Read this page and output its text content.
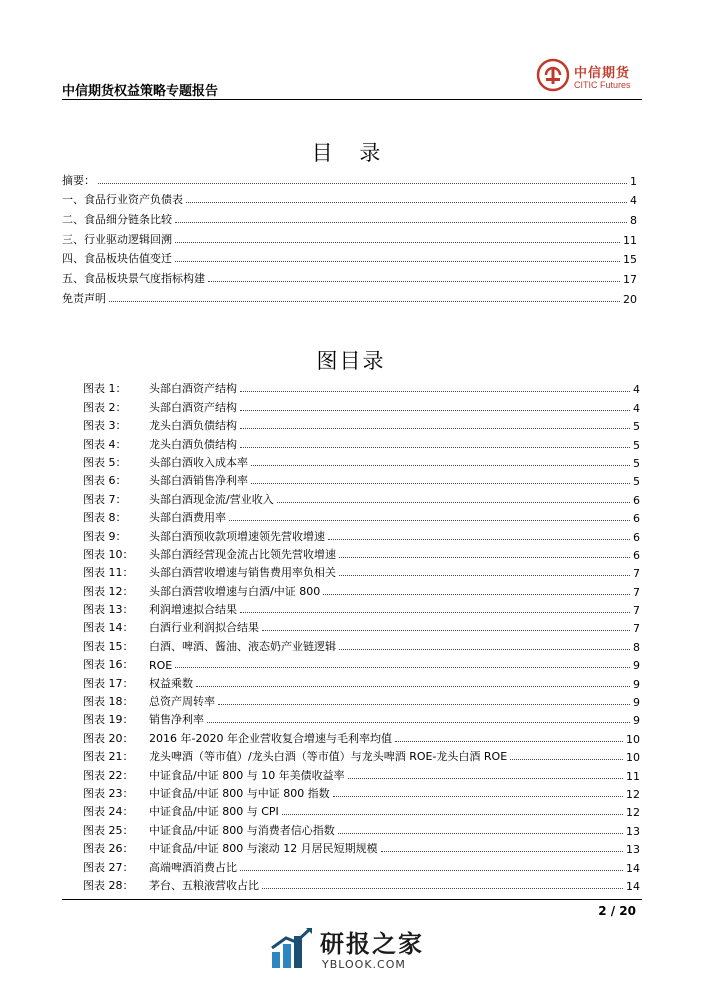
中信期货权益策略专题报告
中信期货
CITIC Futures
目 录
摘要：	1
一、食品行业资产负债表	4
二、食品细分链条比较	8
三、行业驱动逻辑回溯	11
四、食品板块估值变迁	15
五、食品板块景气度指标构建	17
免责声明	20
图目录
图表 1：	头部白酒资产结构	4
图表 2：	头部白酒资产结构	4
图表 3：	龙头白酒负债结构	5
图表 4：	龙头白酒负债结构	5
图表 5：	头部白酒收入成本率	5
图表 6：	头部白酒销售净利率	5
图表 7：	头部白酒现金流/营业收入	6
图表 8：	头部白酒费用率	6
图表 9：	头部白酒预收款项增速领先营收增速	6
图表 10：	头部白酒经营现金流占比领先营收增速	6
图表 11：	头部白酒营收增速与销售费用率负相关	7
图表 12：	头部白酒营收增速与白酒/中证 800	7
图表 13：	利润增速拟合结果	7
图表 14：	白酒行业利润拟合结果	7
图表 15：	白酒、啤酒、酱油、液态奶产业链逻辑	8
图表 16：	ROE	9
图表 17：	权益乘数	9
图表 18：	总资产周转率	9
图表 19：	销售净利率	9
图表 20：	2016 年-2020 年企业营收复合增速与毛利率均值	10
图表 21：	龙头啤酒（等市值）/龙头白酒（等市值）与龙头啤酒 ROE-龙头白酒 ROE	10
图表 22：	中证食品/中证 800 与 10 年美债收益率	11
图表 23：	中证食品/中证 800 与中证 800 指数	12
图表 24：	中证食品/中证 800 与 CPI	12
图表 25：	中证食品/中证 800 与消费者信心指数	13
图表 26：	中证食品/中证 800 与滚动 12 月居民短期规模	13
图表 27：	高端啤酒消费占比	14
图表 28：	茅台、五粮液营收占比	14
2 / 20
研报之家
YBLOOK.COM
